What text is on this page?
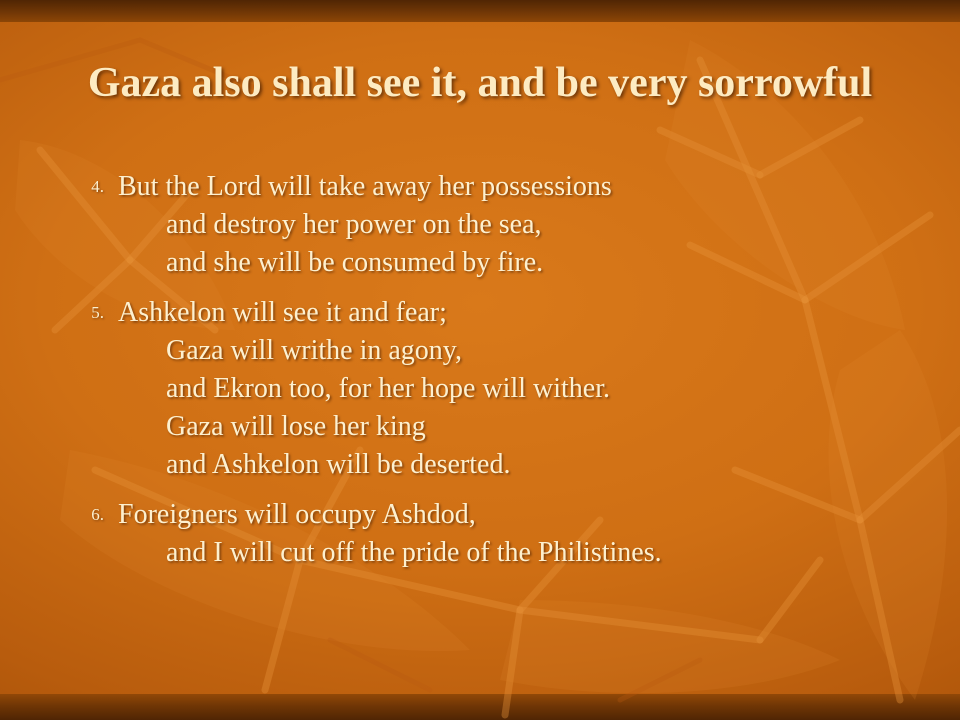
Gaza also shall see it, and be very sorrowful
4. But the Lord will take away her possessions
and destroy her power on the sea,
and she will be consumed by fire.
5. Ashkelon will see it and fear;
Gaza will writhe in agony,
and Ekron too, for her hope will wither.
Gaza will lose her king
and Ashkelon will be deserted.
6. Foreigners will occupy Ashdod,
and I will cut off the pride of the Philistines.
